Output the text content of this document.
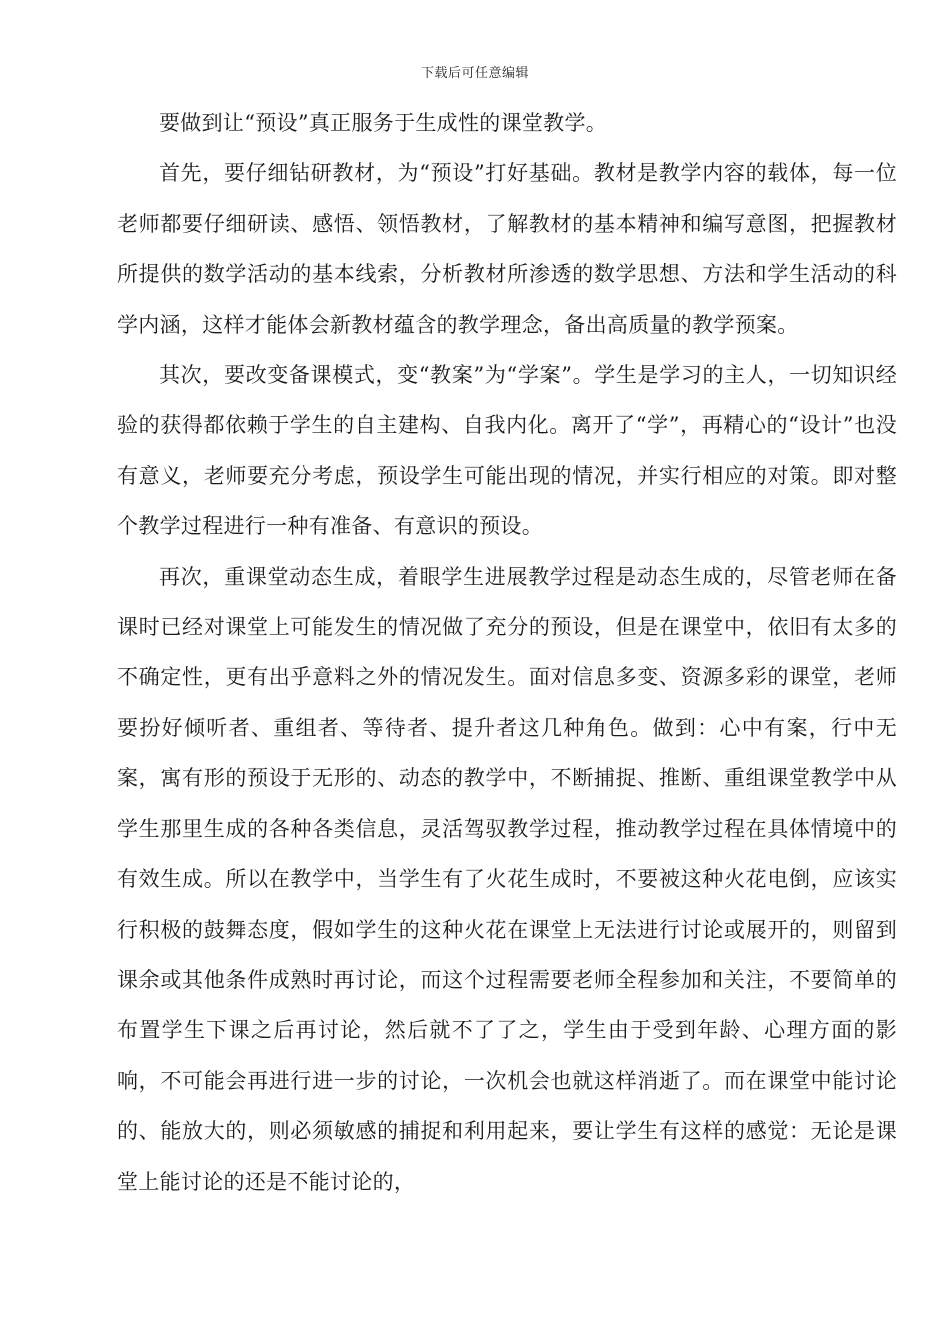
下载后可任意编辑

要做到让“预设”真正服务于生成性的课堂教学。

首先，要仔细钻研教材，为“预设”打好基础。教材是教学内容的载体，每一位老师都要仔细研读、感悟、领悟教材，了解教材的基本精神和编写意图，把握教材所提供的数学活动的基本线索，分析教材所渗透的数学思想、方法和学生活动的科学内涵，这样才能体会新教材蕴含的教学理念，备出高质量的教学预案。

其次，要改变备课模式，变“教案”为“学案”。学生是学习的主人，一切知识经验的获得都依赖于学生的自主建构、自我内化。离开了“学”，再精心的“设计”也没有意义，老师要充分考虑，预设学生可能出现的情况，并实行相应的对策。即对整个教学过程进行一种有准备、有意识的预设。

再次，重课堂动态生成，着眼学生进展教学过程是动态生成的，尽管老师在备课时已经对课堂上可能发生的情况做了充分的预设，但是在课堂中，依旧有太多的不确定性，更有出乎意料之外的情况发生。面对信息多变、资源多彩的课堂，老师要扮好倾听者、重组者、等待者、提升者这几种角色。做到：心中有案，行中无案，寓有形的预设于无形的、动态的教学中，不断捕捉、推断、重组课堂教学中从学生那里生成的各种各类信息，灵活驾驭教学过程，推动教学过程在具体情境中的有效生成。所以在教学中，当学生有了火花生成时，不要被这种火花电倒，应该实行积极的鼓舞态度，假如学生的这种火花在课堂上无法进行讨论或展开的，则留到课余或其他条件成熟时再讨论，而这个过程需要老师全程参加和关注，不要简单的布置学生下课之后再讨论，然后就不了了之，学生由于受到年龄、心理方面的影响，不可能会再进行进一步的讨论，一次机会也就这样消逝了。而在课堂中能讨论的、能放大的，则必须敏感的捕捉和利用起来，要让学生有这样的感觉：无论是课堂上能讨论的还是不能讨论的，
